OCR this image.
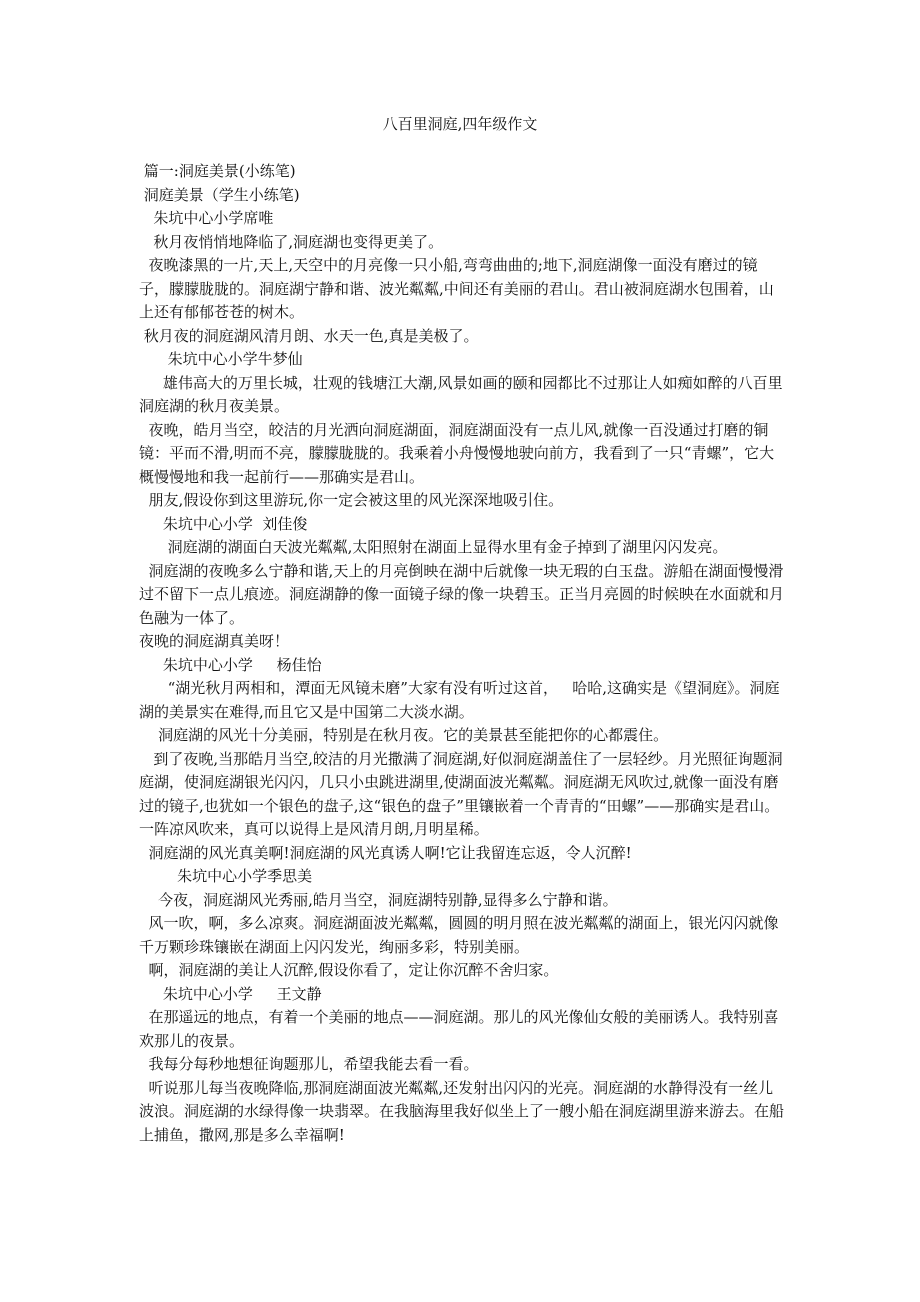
八百里洞庭,四年级作文

篇一:洞庭美景(小练笔)

洞庭美景（学生小练笔)

朱坑中心小学席唯

秋月夜悄悄地降临了,洞庭湖也变得更美了。

夜晚漆黑的一片,天上,天空中的月亮像一只小船,弯弯曲曲的;地下,洞庭湖像一面没有磨过的镜子，朦朦胧胧的。洞庭湖宁静和谐、波光粼粼,中间还有美丽的君山。君山被洞庭湖水包围着，山上还有郁郁苍苍的树木。

秋月夜的洞庭湖风清月朗、水天一色,真是美极了。

朱坑中心小学牛梦仙

雄伟高大的万里长城，壮观的钱塘江大潮,风景如画的颐和园都比不过那让人如痴如醉的八百里洞庭湖的秋月夜美景。

夜晚，皓月当空，皎洁的月光洒向洞庭湖面，洞庭湖面没有一点儿风,就像一百没通过打磨的铜镜：平而不滑,明而不亮，朦朦胧胧的。我乘着小舟慢慢地驶向前方，我看到了一只“青螺”，它大概慢慢地和我一起前行——那确实是君山。

朋友,假设你到这里游玩,你一定会被这里的风光深深地吸引住。

朱坑中心小学  刘佳俊

洞庭湖的湖面白天波光粼粼,太阳照射在湖面上显得水里有金子掉到了湖里闪闪发亮。

洞庭湖的夜晚多么宁静和谐,天上的月亮倒映在湖中后就像一块无瑕的白玉盘。游船在湖面慢慢滑过不留下一点儿痕迹。洞庭湖静的像一面镜子绿的像一块碧玉。正当月亮圆的时候映在水面就和月色融为一体了。

夜晚的洞庭湖真美呀！

朱坑中心小学     杨佳怡

“湖光秋月两相和，潭面无风镜未磨”大家有没有听过这首，   哈哈,这确实是《望洞庭》。洞庭湖的美景实在难得,而且它又是中国第二大淡水湖。

洞庭湖的风光十分美丽，特别是在秋月夜。它的美景甚至能把你的心都震住。

到了夜晚,当那皓月当空,皎洁的月光撒满了洞庭湖,好似洞庭湖盖住了一层轻纱。月光照征询题洞庭湖，使洞庭湖银光闪闪，几只小虫跳进湖里,使湖面波光粼粼。洞庭湖无风吹过,就像一面没有磨过的镜子,也犹如一个银色的盘子,这“银色的盘子”里镶嵌着一个青青的“田螺”——那确实是君山。一阵凉风吹来，真可以说得上是风清月朗,月明星稀。

洞庭湖的风光真美啊!洞庭湖的风光真诱人啊!它让我留连忘返，令人沉醉!

朱坑中心小学季思美

今夜，洞庭湖风光秀丽,皓月当空，洞庭湖特别静,显得多么宁静和谐。

风一吹，啊，多么凉爽。洞庭湖面波光粼粼，圆圆的明月照在波光粼粼的湖面上，银光闪闪就像千万颗珍珠镶嵌在湖面上闪闪发光，绚丽多彩，特别美丽。

啊，洞庭湖的美让人沉醉,假设你看了，定让你沉醉不舍归家。

朱坑中心小学     王文静

在那遥远的地点，有着一个美丽的地点——洞庭湖。那儿的风光像仙女般的美丽诱人。我特别喜欢那儿的夜景。

我每分每秒地想征询题那儿，希望我能去看一看。

听说那儿每当夜晚降临,那洞庭湖面波光粼粼,还发射出闪闪的光亮。洞庭湖的水静得没有一丝儿波浪。洞庭湖的水绿得像一块翡翠。在我脑海里我好似坐上了一艘小船在洞庭湖里游来游去。在船上捕鱼，撒网,那是多么幸福啊!
